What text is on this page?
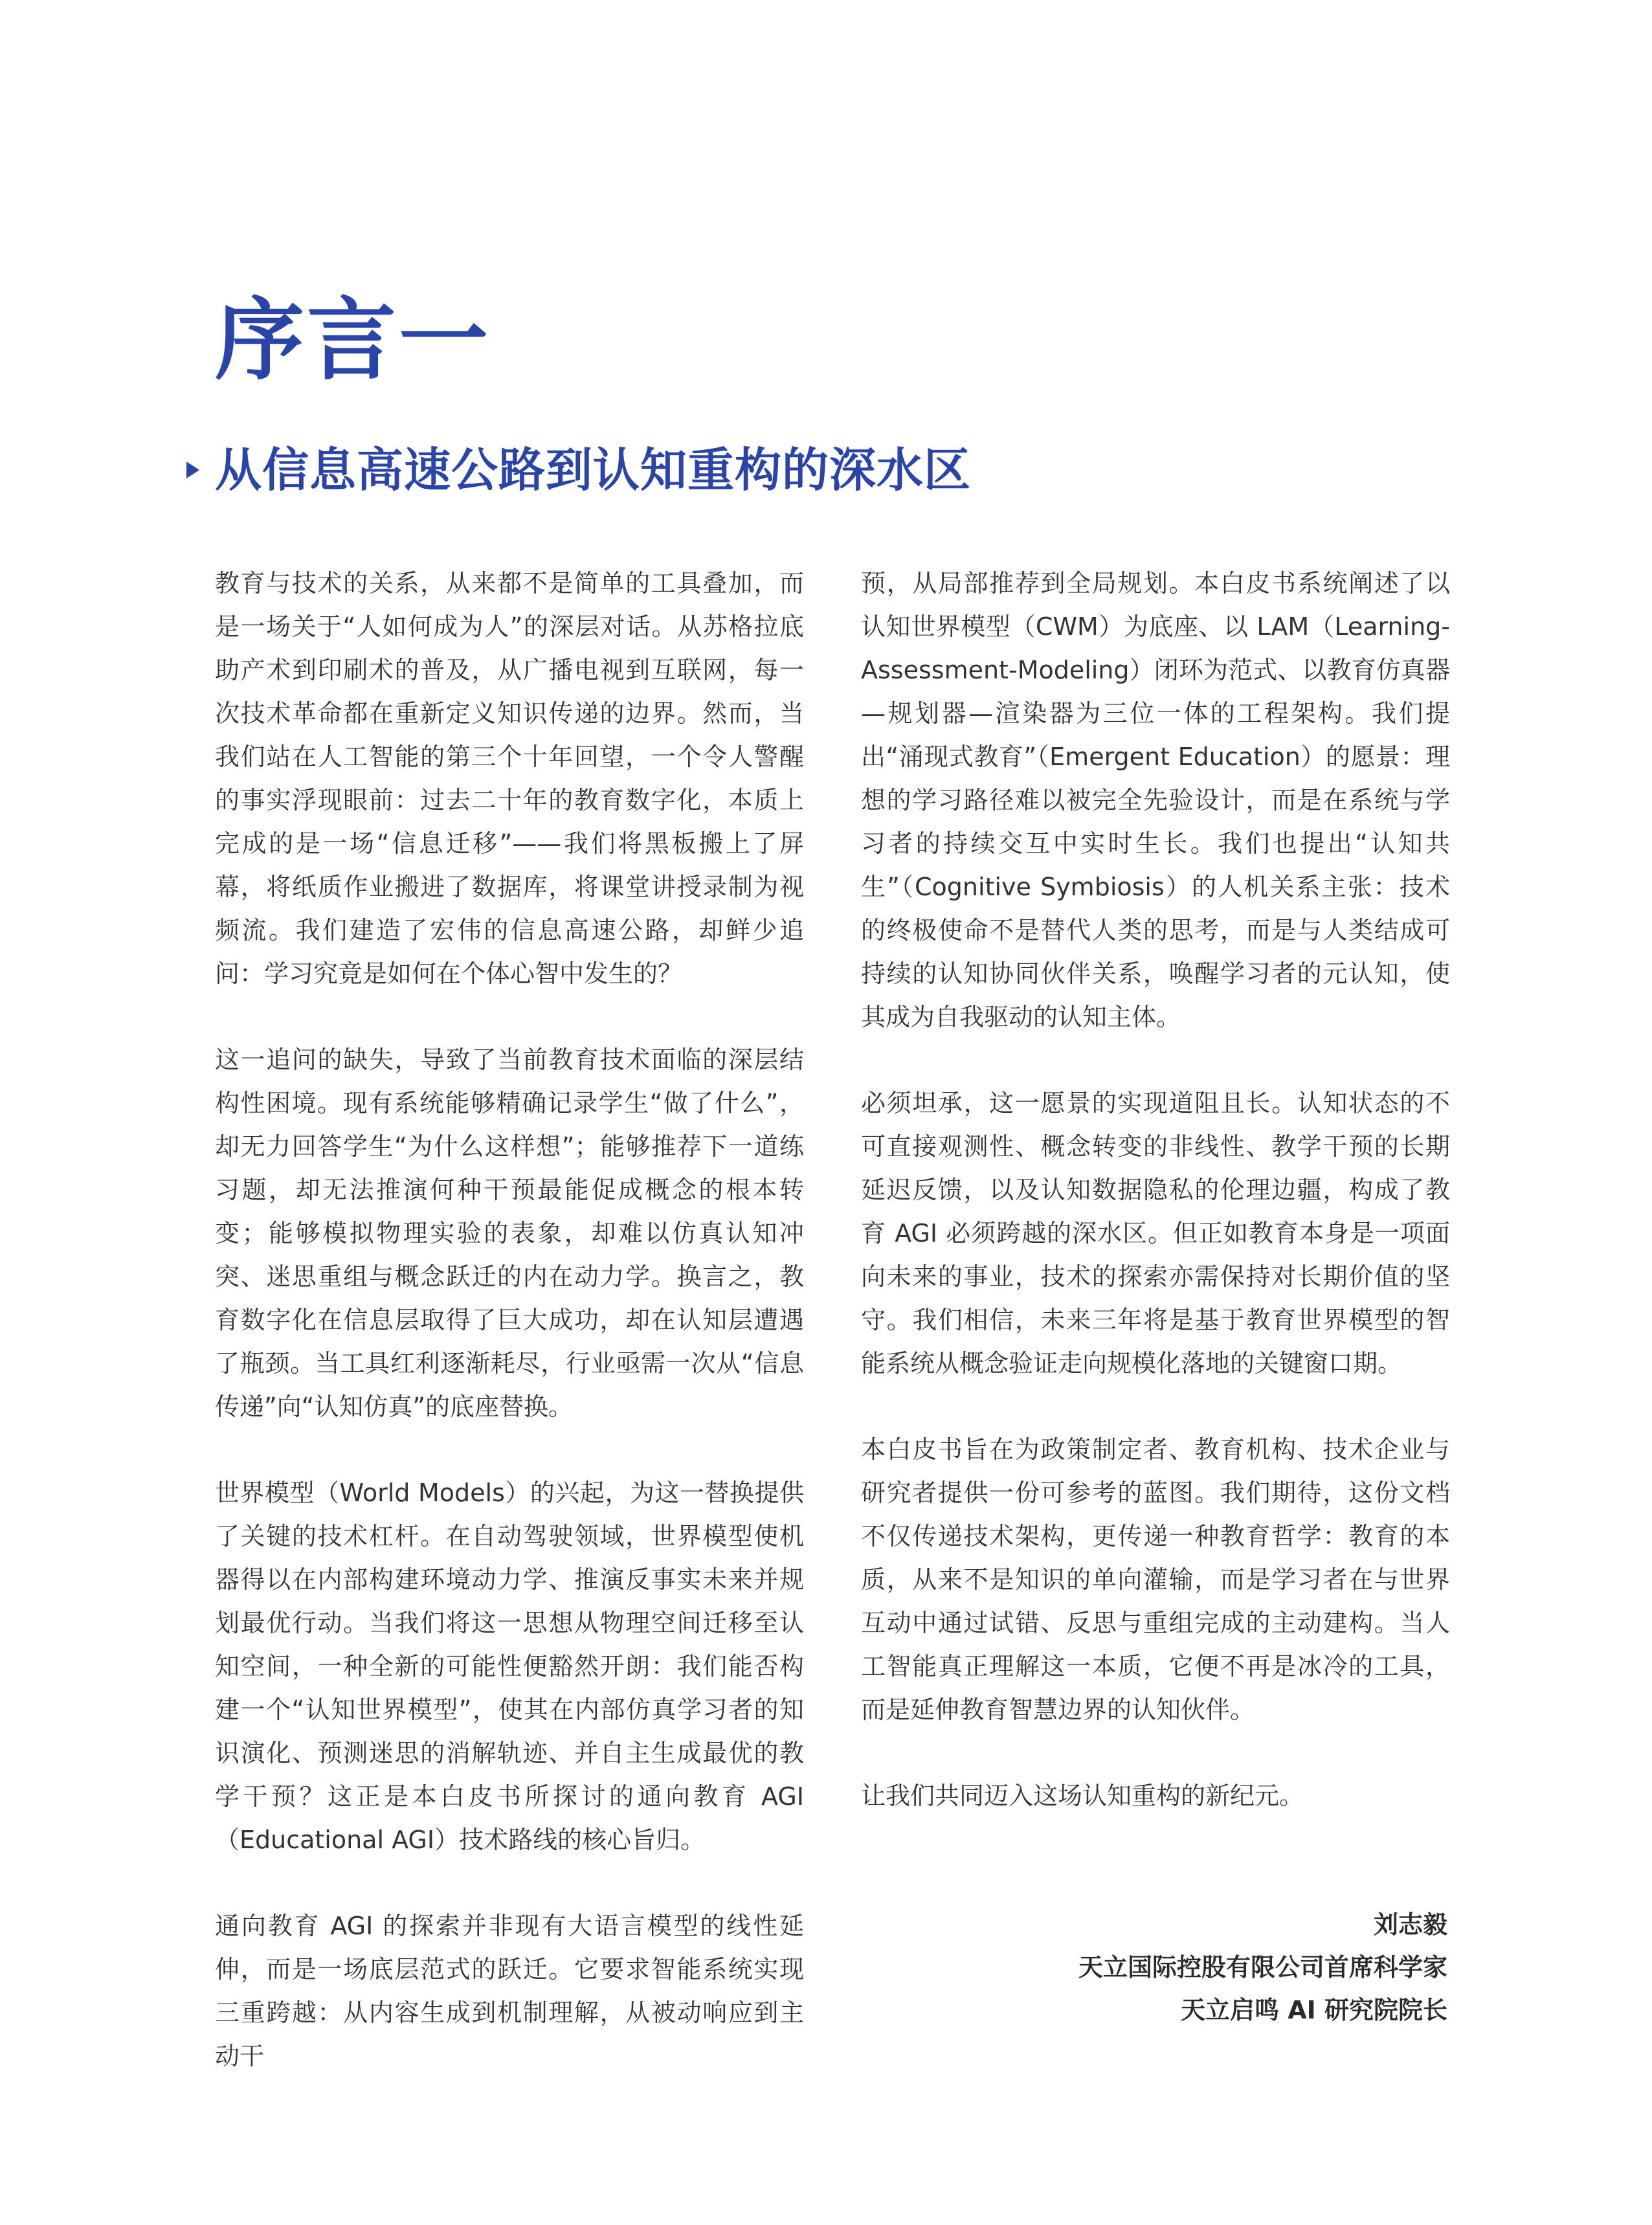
序言一
从信息高速公路到认知重构的深水区

教育与技术的关系，从来都不是简单的工具叠加，而是一场关于“人如何成为人”的深层对话。从苏格拉底助产术到印刷术的普及，从广播电视到互联网，每一次技术革命都在重新定义知识传递的边界。然而，当我们站在人工智能的第三个十年回望，一个令人警醒的事实浮现眼前：过去二十年的教育数字化，本质上完成的是一场“信息迁移”——我们将黑板搬上了屏幕，将纸质作业搬进了数据库，将课堂讲授录制为视频流。我们建造了宏伟的信息高速公路，却鲜少追问：学习究竟是如何在个体心智中发生的？

这一追问的缺失，导致了当前教育技术面临的深层结构性困境。现有系统能够精确记录学生“做了什么”，却无力回答学生“为什么这样想”；能够推荐下一道练习题，却无法推演何种干预最能促成概念的根本转变；能够模拟物理实验的表象，却难以仿真认知冲突、迷思重组与概念跃迁的内在动力学。换言之，教育数字化在信息层取得了巨大成功，却在认知层遭遇了瓶颈。当工具红利逐渐耗尽，行业亟需一次从“信息传递”向“认知仿真”的底座替换。

世界模型（World Models）的兴起，为这一替换提供了关键的技术杠杆。在自动驾驶领域，世界模型使机器得以在内部构建环境动力学、推演反事实未来并规划最优行动。当我们将这一思想从物理空间迁移至认知空间，一种全新的可能性便豁然开朗：我们能否构建一个“认知世界模型”，使其在内部仿真学习者的知识演化、预测迷思的消解轨迹、并自主生成最优的教学干预？这正是本白皮书所探讨的通向教育 AGI（Educational AGI）技术路线的核心旨归。

通向教育 AGI 的探索并非现有大语言模型的线性延伸，而是一场底层范式的跃迁。它要求智能系统实现三重跨越：从内容生成到机制理解，从被动响应到主动干

预，从局部推荐到全局规划。本白皮书系统阐述了以认知世界模型（CWM）为底座、以 LAM（Learning-Assessment-Modeling）闭环为范式、以教育仿真器—规划器—渲染器为三位一体的工程架构。我们提出“涌现式教育”（Emergent Education）的愿景：理想的学习路径难以被完全先验设计，而是在系统与学习者的持续交互中实时生长。我们也提出“认知共生”（Cognitive Symbiosis）的人机关系主张：技术的终极使命不是替代人类的思考，而是与人类结成可持续的认知协同伙伴关系，唤醒学习者的元认知，使其成为自我驱动的认知主体。

必须坦承，这一愿景的实现道阻且长。认知状态的不可直接观测性、概念转变的非线性、教学干预的长期延迟反馈，以及认知数据隐私的伦理边疆，构成了教育 AGI 必须跨越的深水区。但正如教育本身是一项面向未来的事业，技术的探索亦需保持对长期价值的坚守。我们相信，未来三年将是基于教育世界模型的智能系统从概念验证走向规模化落地的关键窗口期。

本白皮书旨在为政策制定者、教育机构、技术企业与研究者提供一份可参考的蓝图。我们期待，这份文档不仅传递技术架构，更传递一种教育哲学：教育的本质，从来不是知识的单向灌输，而是学习者在与世界互动中通过试错、反思与重组完成的主动建构。当人工智能真正理解这一本质，它便不再是冰冷的工具，而是延伸教育智慧边界的认知伙伴。

让我们共同迈入这场认知重构的新纪元。

刘志毅
天立国际控股有限公司首席科学家
天立启鸣 AI 研究院院长
